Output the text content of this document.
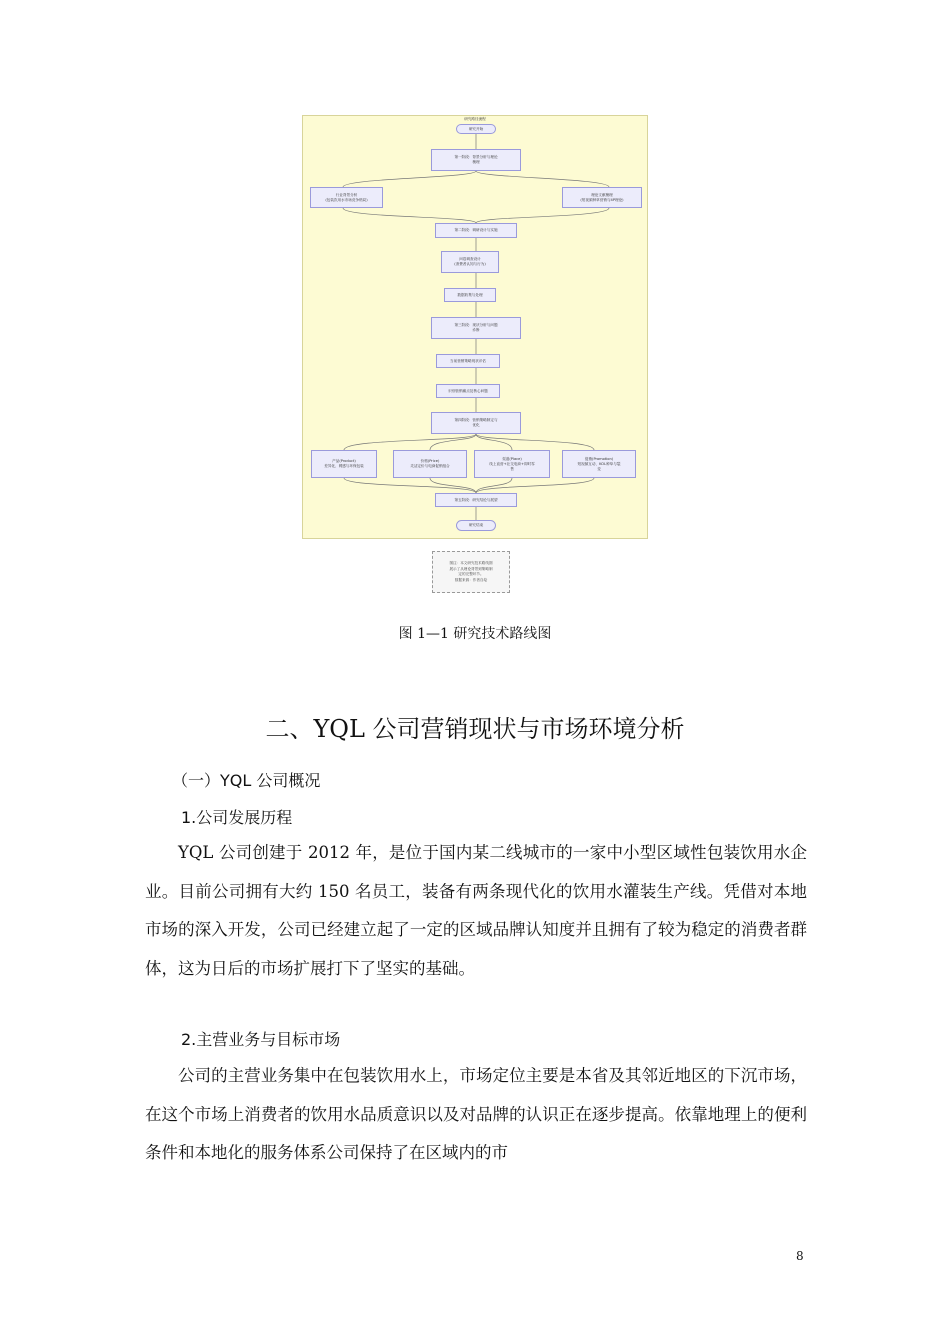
研究路径流程
研究开始
第一阶段：背景分析与理论
梳理
行业背景分析
(包装饮用水市场竞争格局)
理论文献梳理
(短视频种草营销与4P理论)
第二阶段：调研设计与实施
问卷调查设计
(消费者认知与行为)
数据收集与处理
第三阶段：现状分析与问题
诊断
当前营销策略现状评估
识别营销痛点及核心问题
第四阶段：营销策略制定与
优化
产品(Product)
差异化、网感与环保包装
价格(Price)
灵活定价与电商促销组合
渠道(Place)
线上直营+社交电商+即时零
售
促销(Promotion)
短视频互动、KOL种草与裂
变
第五阶段：研究结论与展望
研究结束
图注：本文研究技术路线图
展示了从理论背景到策略制
定的完整环节。
数据来源：作者自绘
图 1—1 研究技术路线图
二、YQL 公司营销现状与市场环境分析
（一）YQL 公司概况
1.公司发展历程

YQL 公司创建于 2012 年，是位于国内某二线城市的一家中小型区域性包装饮用水企业。目前公司拥有大约 150 名员工，装备有两条现代化的饮用水灌装生产线。凭借对本地市场的深入开发，公司已经建立起了一定的区域品牌认知度并且拥有了较为稳定的消费者群体，这为日后的市场扩展打下了坚实的基础。

2.主营业务与目标市场

公司的主营业务集中在包装饮用水上，市场定位主要是本省及其邻近地区的下沉市场，在这个市场上消费者的饮用水品质意识以及对品牌的认识正在逐步提高。依靠地理上的便利条件和本地化的服务体系公司保持了在区域内的市

8
